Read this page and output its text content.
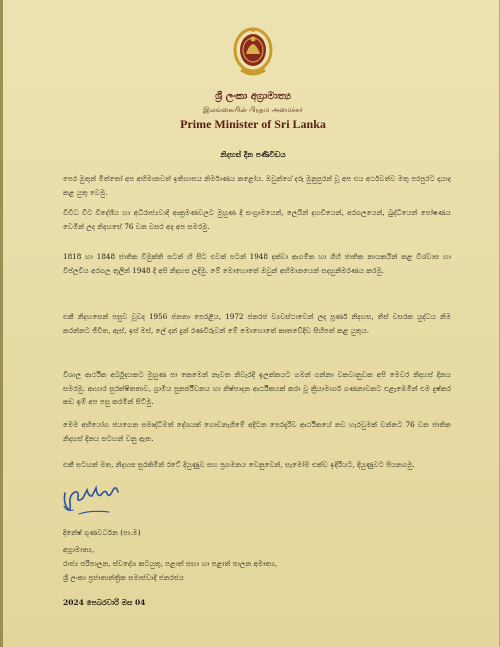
ශ්‍රී ලංකා අග්‍රාමාත්‍ය
இலங்கையின் பிரதம அமைச்சர்
Prime Minister of Sri Lanka
නිදහස් දින පණිවිඩය

පෙර මුතුන් මිත්තෝ අප අභිමානවත් ඉතිහාසය නිර්මාණය කළෝය. ඔවුන්ගේ දරු මුනුපුරන් වූ අප එය අර්ථවත්ව මතු පරපුරට දායාද කළ යුතු වෙමු.

විවිධ විට විදේශීය හා අධිරාජ්‍යවාදී ආක්‍රමණවලට මුහුණ දී සංග්‍රාමයෙන්, ලෙයින් දහඩියෙන්, අරගලයෙන්, බුද්ධියෙන් පෝෂණය වෙමින් ලද නිදහසේ 76 වන වසර අද අප සමරමු.

1818 හා 1848 ජාතික විමුක්ති සටන් හි සිට එවක් පටන් 1948 දක්වා ආගමික හා ගිහි ජාතික නායකයින් කළ විශ්වාස හා විප්ලවීය අරගල තුලින් 1948 දී අපි නිදහස ලදිමු. මේ මොහොතේ ඔවුන් අභිමානයෙන් සදහුනිමරණය කරමු.

එකී නිදහසෙන් පසුව වූවද 1956 ජනතා පෙරළිය, 1972 ජනරජ ව්‍යවස්ථාවෙන් ලද පූර්ණ නිදහස, තිස් වසරක යුද්ධය නිම කරන්නට ජීවිත, ඇස්, ඉස් මස්, ලේ දන් දුන් රණවිරුවන් මේ මොහොතේ කෘතවේදීව සිහිපත් කළ යුතුය.

විශාල ආර්ථික අර්බුදයකට මුහුණ පා කෙමෙන් නැවත නිවැරදි ඉලක්කයට ගමන් ගන්නා වකවානුවක අපි මෙවර නිදහස් දිනය සමරමු. ආහාර සුරක්ෂිතතාව, ග්‍රාමීය පුනර්ජීවනය හා නිෂ්පාදන ආර්ථිකයක් කරා වූ ක්‍රියාමාර්ග ගණනාවකට එළැඹෙමින් එම දුෂ්කර කඩ ඉම් අප පසු කරමින් සිටිමු.

මෙම අභියෝග ජයගෙන සමෘද්ධිමත් දේශයක් ගොඩනැගීමේ අදිටන පෙරදැරිව ආර්ථිකයේ නව හැරවුමක් වන්නට 76 වන ජාතික නිදහස් දිනය සටහන් වනු ඇත.

එකී සටහන් මත, නිදහස සුරකිමින් රටේ දියුණුව සහ ප්‍රගමනය වෙනුවෙන්, සැමෝම එක්ව ඉදිරියට, දියුණුවට පියනගමු.

දිනේෂ් ගුණවර්ධන (පා.ම)

අග්‍රාමාත්‍ය,

රාජ්‍ය පරිපාලන, ස්වදේශ කටයුතු, පළාත් සභා හා පළාත් පාලන අමාත්‍ය,

ශ්‍රී ලංකා ප්‍රජාතාන්ත්‍රික සමාජවාදී ජනරජය

2024 පෙබරවාරි මස 04
